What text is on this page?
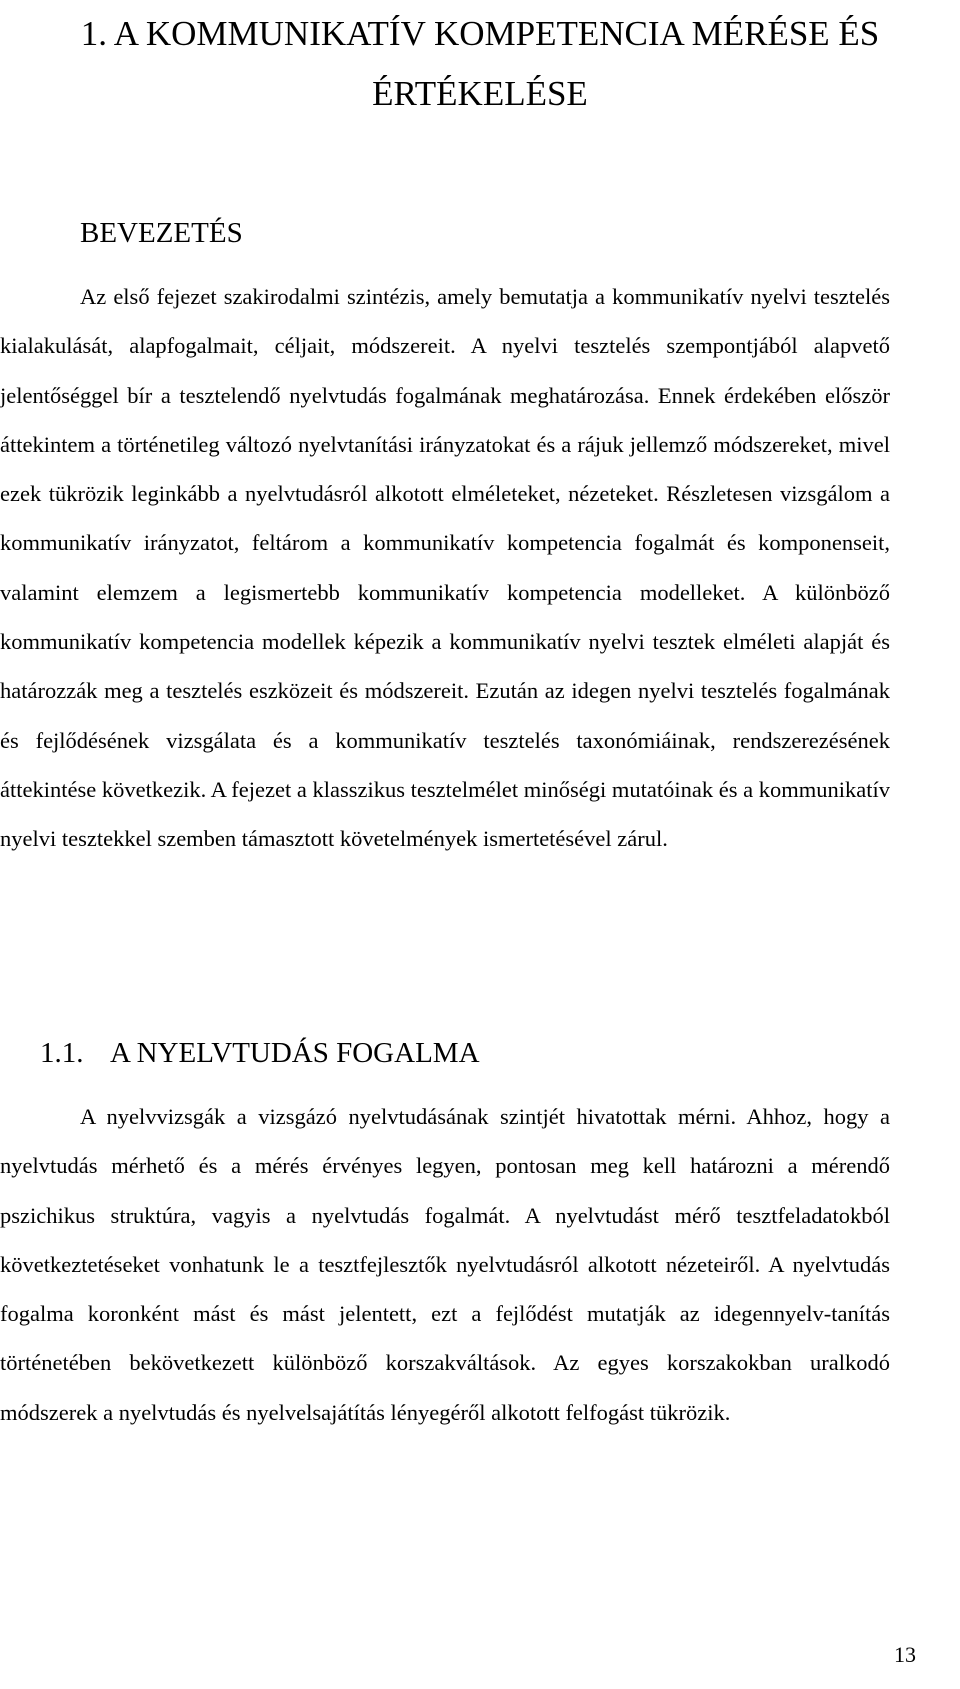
1. A KOMMUNIKATÍV KOMPETENCIA MÉRÉSE ÉS
ÉRTÉKELÉSE
BEVEZETÉS

Az első fejezet szakirodalmi szintézis, amely bemutatja a kommunikatív nyelvi tesztelés kialakulását, alapfogalmait, céljait, módszereit. A nyelvi tesztelés szempontjából alapvető jelentőséggel bír a tesztelendő nyelvtudás fogalmának meghatározása. Ennek érdekében először áttekintem a történetileg változó nyelvtanítási irányzatokat és a rájuk jellemző módszereket, mivel ezek tükrözik leginkább a nyelvtudásról alkotott elméleteket, nézeteket. Részletesen vizsgálom a kommunikatív irányzatot, feltárom a kommunikatív kompetencia fogalmát és komponenseit, valamint elemzem a legismertebb kommunikatív kompetencia modelleket. A különböző kommunikatív kompetencia modellek képezik a kommunikatív nyelvi tesztek elméleti alapját és határozzák meg a tesztelés eszközeit és módszereit. Ezután az idegen nyelvi tesztelés fogalmának és fejlődésének vizsgálata és a kommunikatív tesztelés taxonómiáinak, rendszerezésének áttekintése következik. A fejezet a klasszikus tesztelmélet minőségi mutatóinak és a kommunikatív nyelvi tesztekkel szemben támasztott követelmények ismertetésével zárul.

1.1. A NYELVTUDÁS FOGALMA

A nyelvvizsgák a vizsgázó nyelvtudásának szintjét hivatottak mérni. Ahhoz, hogy a nyelvtudás mérhető és a mérés érvényes legyen, pontosan meg kell határozni a mérendő pszichikus struktúra, vagyis a nyelvtudás fogalmát. A nyelvtudást mérő tesztfeladatokból következtetéseket vonhatunk le a tesztfejlesztők nyelvtudásról alkotott nézeteiről. A nyelvtudás fogalma koronként mást és mást jelentett, ezt a fejlődést mutatják az idegennyelv-tanítás történetében bekövetkezett különböző korszakváltások. Az egyes korszakokban uralkodó módszerek a nyelvtudás és nyelvelsajátítás lényegéről alkotott felfogást tükrözik.

13
